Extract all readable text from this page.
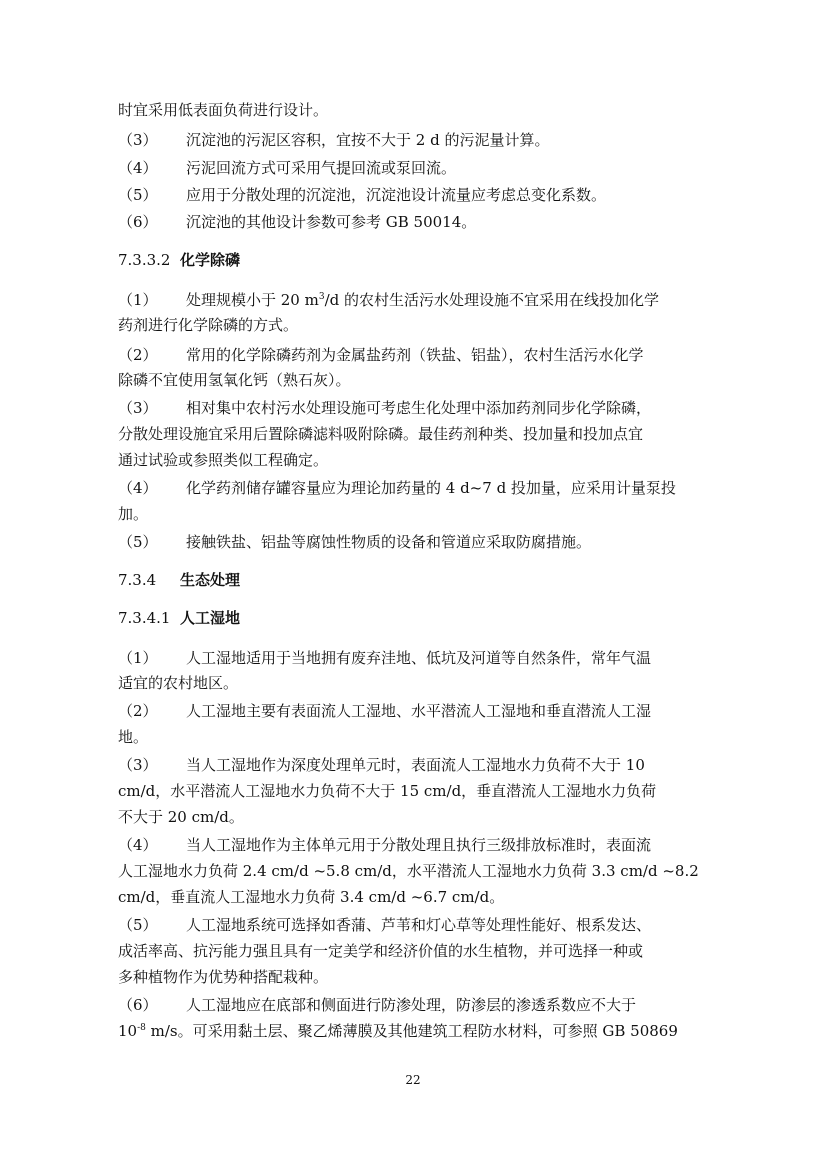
时宜采用低表面负荷进行设计。
（3） 沉淀池的污泥区容积，宜按不大于 2 d 的污泥量计算。
（4） 污泥回流方式可采用气提回流或泵回流。
（5） 应用于分散处理的沉淀池，沉淀池设计流量应考虑总变化系数。
（6） 沉淀池的其他设计参数可参考 GB 50014。
7.3.3.2 化学除磷
（1） 处理规模小于 20 $m^3/d$ 的农村生活污水处理设施不宜采用在线投加化学
药剂进行化学除磷的方式。
（2） 常用的化学除磷药剂为金属盐药剂（铁盐、铝盐），农村生活污水化学
除磷不宜使用氢氧化钙（熟石灰）。
（3） 相对集中农村污水处理设施可考虑生化处理中添加药剂同步化学除磷，
分散处理设施宜采用后置除磷滤料吸附除磷。最佳药剂种类、投加量和投加点宜
通过试验或参照类似工程确定。
（4） 化学药剂储存罐容量应为理论加药量的 4 d~7 d 投加量，应采用计量泵投
加。
（5） 接触铁盐、铝盐等腐蚀性物质的设备和管道应采取防腐措施。
7.3.4 生态处理
7.3.4.1 人工湿地
（1） 人工湿地适用于当地拥有废弃洼地、低坑及河道等自然条件，常年气温
适宜的农村地区。
（2） 人工湿地主要有表面流人工湿地、水平潜流人工湿地和垂直潜流人工湿
地。
（3） 当人工湿地作为深度处理单元时，表面流人工湿地水力负荷不大于 10
cm/d，水平潜流人工湿地水力负荷不大于 15 cm/d，垂直潜流人工湿地水力负荷
不大于 20 cm/d。
（4） 当人工湿地作为主体单元用于分散处理且执行三级排放标准时，表面流
人工湿地水力负荷 2.4 cm/d ~5.8 cm/d，水平潜流人工湿地水力负荷 3.3 cm/d ~8.2
cm/d，垂直流人工湿地水力负荷 3.4 cm/d ~6.7 cm/d。
（5） 人工湿地系统可选择如香蒲、芦苇和灯心草等处理性能好、根系发达、
成活率高、抗污能力强且具有一定美学和经济价值的水生植物，并可选择一种或
多种植物作为优势种搭配栽种。
（6） 人工湿地应在底部和侧面进行防渗处理，防渗层的渗透系数应不大于
$10^{-8}$ m/s。可采用黏土层、聚乙烯薄膜及其他建筑工程防水材料，可参照 GB 50869
22
